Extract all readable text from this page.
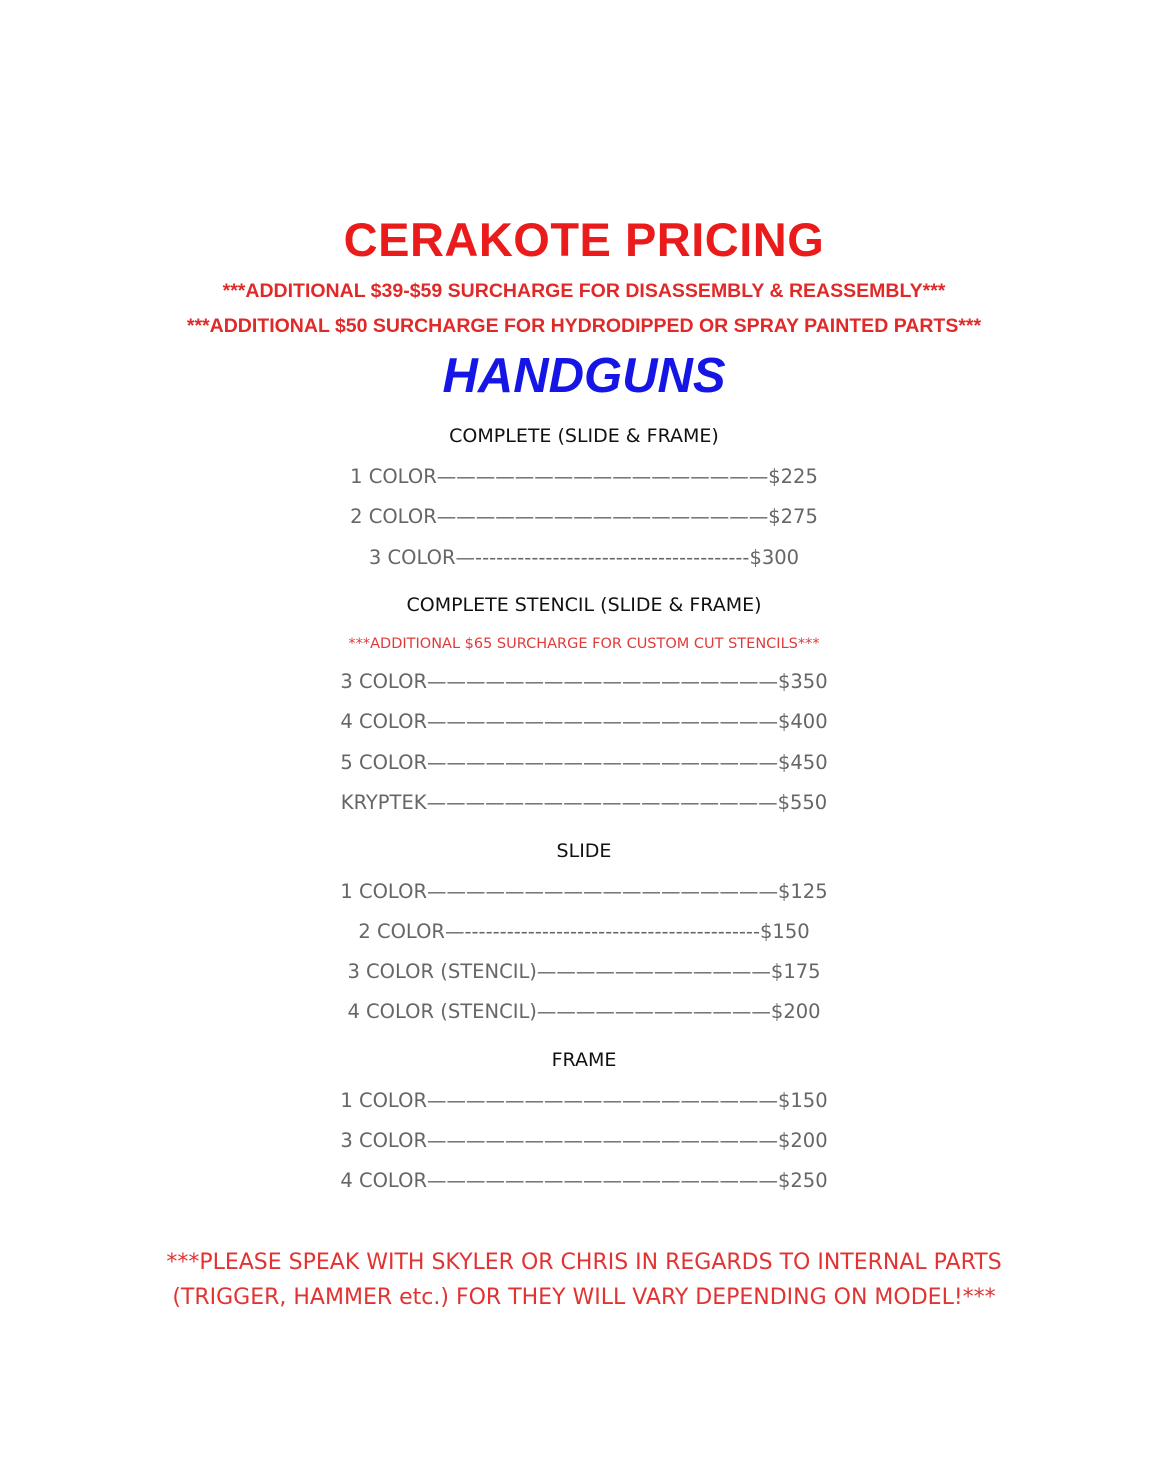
CERAKOTE PRICING
***ADDITIONAL $39-$59 SURCHARGE FOR DISASSEMBLY & REASSEMBLY***
***ADDITIONAL $50 SURCHARGE FOR HYDRODIPPED OR SPRAY PAINTED PARTS***
HANDGUNS
COMPLETE (SLIDE & FRAME)
1 COLOR—————————————————$225
2 COLOR—————————————————$275
3 COLOR—---------------------------------------$300
COMPLETE STENCIL (SLIDE & FRAME)
***ADDITIONAL $65 SURCHARGE FOR CUSTOM CUT STENCILS***
3 COLOR——————————————————$350
4 COLOR——————————————————$400
5 COLOR——————————————————$450
KRYPTEK——————————————————$550
SLIDE
1 COLOR——————————————————$125
2 COLOR—------------------------------------------$150
3 COLOR (STENCIL)————————————$175
4 COLOR (STENCIL)————————————$200
FRAME
1 COLOR——————————————————$150
3 COLOR——————————————————$200
4 COLOR——————————————————$250
***PLEASE SPEAK WITH SKYLER OR CHRIS IN REGARDS TO INTERNAL PARTS
(TRIGGER, HAMMER etc.) FOR THEY WILL VARY DEPENDING ON MODEL!***
